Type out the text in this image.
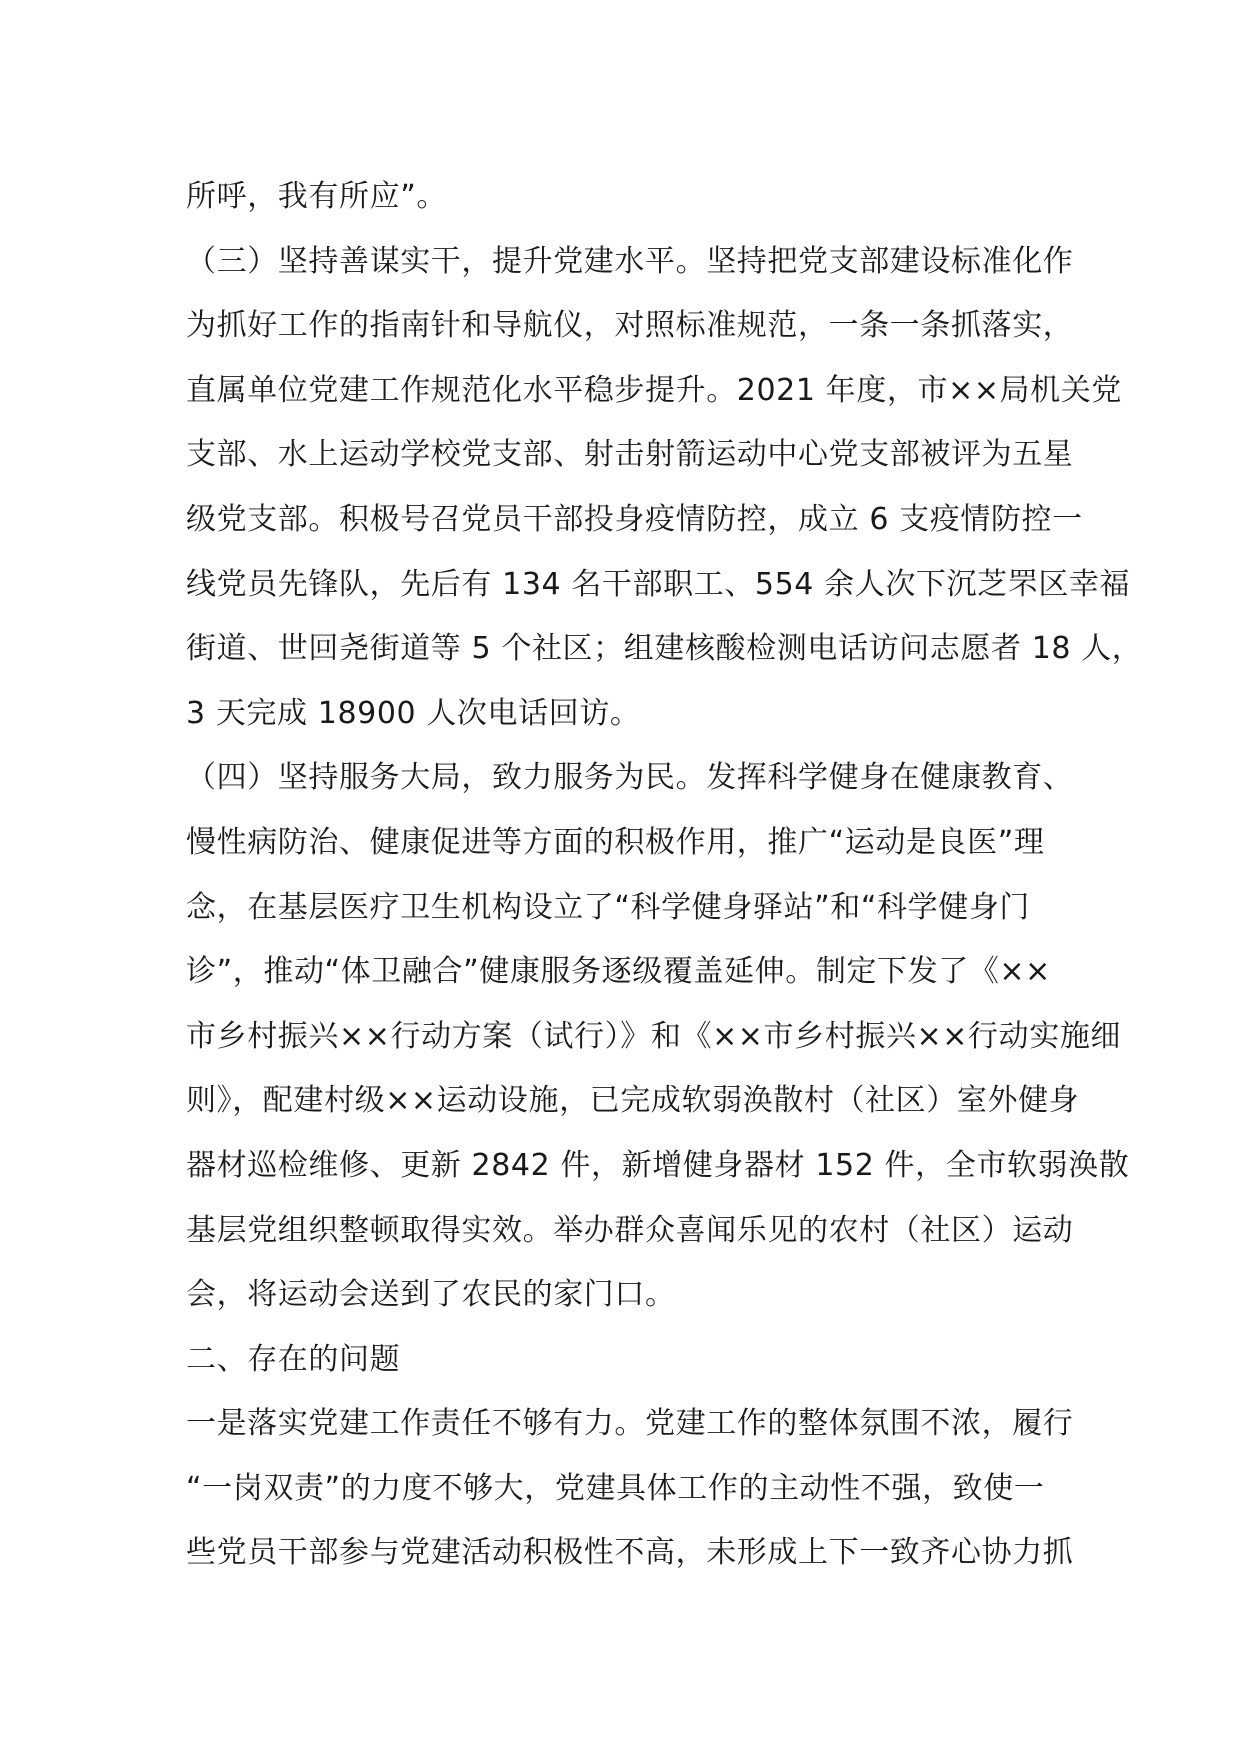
所呼，我有所应”。
（三）坚持善谋实干，提升党建水平。坚持把党支部建设标准化作
为抓好工作的指南针和导航仪，对照标准规范，一条一条抓落实，
直属单位党建工作规范化水平稳步提升。2021 年度，市××局机关党
支部、水上运动学校党支部、射击射箭运动中心党支部被评为五星
级党支部。积极号召党员干部投身疫情防控，成立 6 支疫情防控一
线党员先锋队，先后有 134 名干部职工、554 余人次下沉芝罘区幸福
街道、世回尧街道等 5 个社区；组建核酸检测电话访问志愿者 18 人，
3 天完成 18900 人次电话回访。
（四）坚持服务大局，致力服务为民。发挥科学健身在健康教育、
慢性病防治、健康促进等方面的积极作用，推广“运动是良医”理
念，在基层医疗卫生机构设立了“科学健身驿站”和“科学健身门
诊”，推动“体卫融合”健康服务逐级覆盖延伸。制定下发了《××
市乡村振兴××行动方案（试行）》和《××市乡村振兴××行动实施细
则》，配建村级××运动设施，已完成软弱涣散村（社区）室外健身
器材巡检维修、更新 2842 件，新增健身器材 152 件，全市软弱涣散
基层党组织整顿取得实效。举办群众喜闻乐见的农村（社区）运动
会，将运动会送到了农民的家门口。
二、存在的问题
一是落实党建工作责任不够有力。党建工作的整体氛围不浓，履行
“一岗双责”的力度不够大，党建具体工作的主动性不强，致使一
些党员干部参与党建活动积极性不高，未形成上下一致齐心协力抓
